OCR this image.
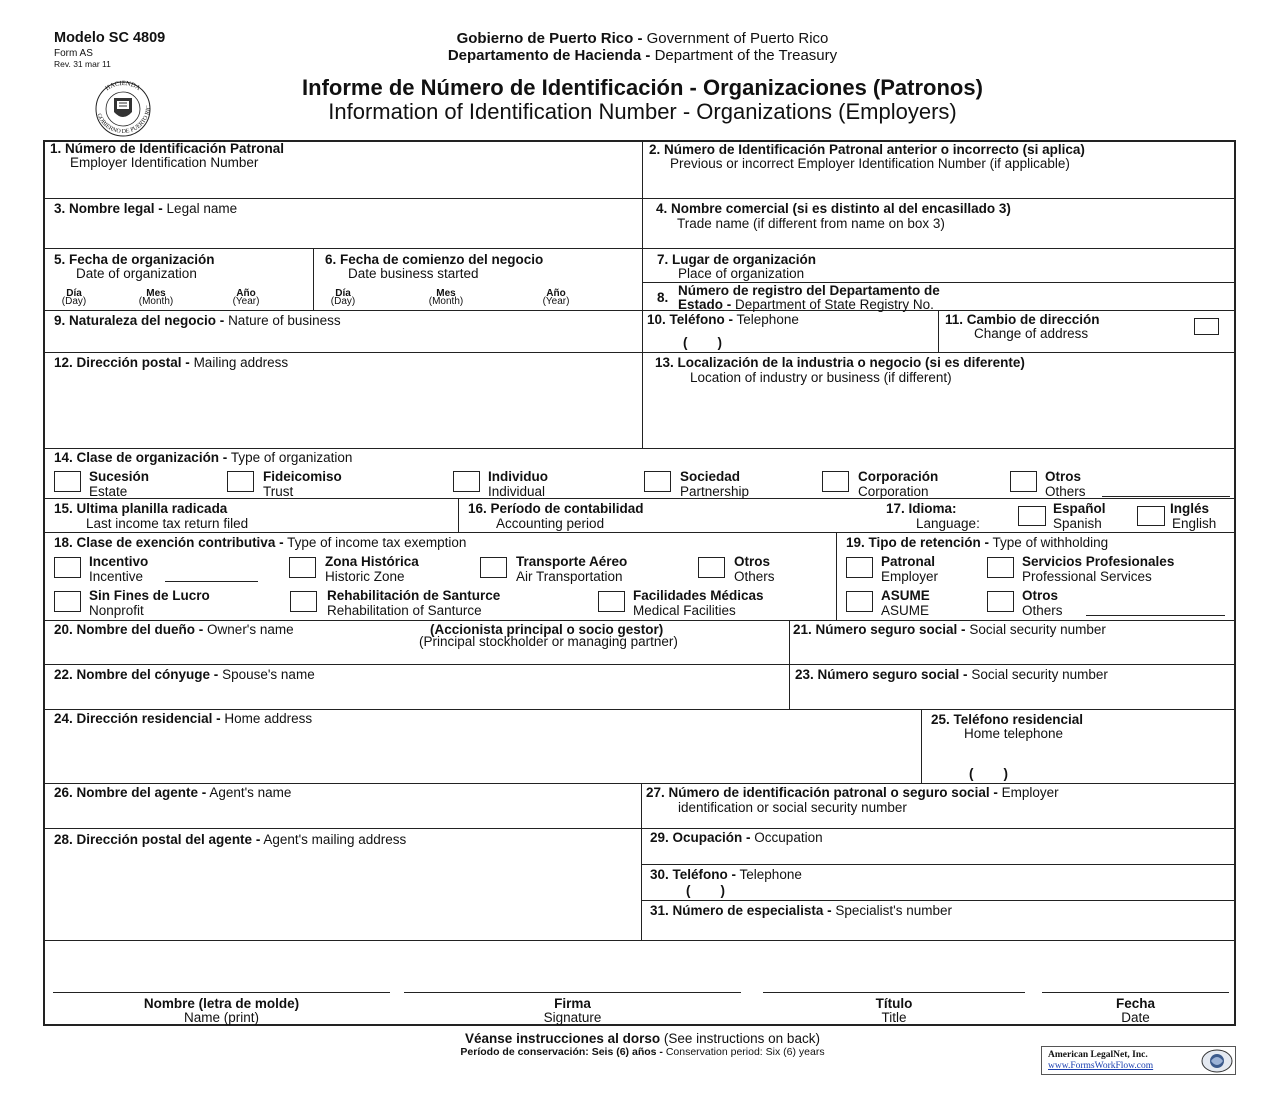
Modelo SC 4809
Form AS
Rev. 31 mar 11
Gobierno de Puerto Rico - Government of Puerto Rico
Departamento de Hacienda - Department of the Treasury
HACIENDA
GOBIERNO DE PUERTO RIC
Informe de Número de Identificación - Organizaciones (Patronos)
Information of Identification Number - Organizations (Employers)
1. Número de Identificación Patronal
Employer Identification Number
2. Número de Identificación Patronal anterior o incorrecto (si aplica)
Previous or incorrect Employer Identification Number (if applicable)
3. Nombre legal - Legal name	4. Nombre comercial (si es distinto al del encasillado 3)
Trade name (if different from name on box 3)
5. Fecha de organización
Date of organization
Día
(Day)
Mes
(Month)
Año
(Year)
6. Fecha de comienzo del negocio
Date business started
Día
(Day)
Mes
(Month)
Año
(Year)
7. Lugar de organización
Place of organization
8. Número de registro del Departamento de
Estado - Department of State Registry No.
9. Naturaleza del negocio - Nature of business	10. Teléfono - Telephone
(        )
11. Cambio de dirección
Change of address
12. Dirección postal - Mailing address	13. Localización de la industria o negocio (si es diferente)
Location of industry or business (if different)
14. Clase de organización - Type of organization
Sucesión
Estate
Fideicomiso
Trust
Individuo
Individual
Sociedad
Partnership
Corporación
Corporation
Otros
Others
15. Ultima planilla radicada
Last income tax return filed
16. Período de contabilidad
Accounting period
17. Idioma:
Language:
Español
Spanish
Inglés
English
18. Clase de exención contributiva - Type of income tax exemption
Incentivo
Incentive
Zona Histórica
Historic Zone
Transporte Aéreo
Air Transportation
Otros
Others
Sin Fines de Lucro
Nonprofit
Rehabilitación de Santurce
Rehabilitation of Santurce
Facilidades Médicas
Medical Facilities
19. Tipo de retención - Type of withholding
Patronal
Employer
Servicios Profesionales
Professional Services
ASUME
ASUME
Otros
Others
20. Nombre del dueño - Owner's name	(Accionista principal o socio gestor)
(Principal stockholder or managing partner)
21. Número seguro social - Social security number
22. Nombre del cónyuge - Spouse's name	23. Número seguro social - Social security number
24. Dirección residencial - Home address	25. Teléfono residencial
Home telephone
(        )
26. Nombre del agente - Agent's name	27. Número de identificación patronal o seguro social - Employer
identification or social security number
28. Dirección postal del agente - Agent's mailing address	29. Ocupación - Occupation
30. Teléfono - Telephone
(        )
31. Número de especialista - Specialist's number
Nombre (letra de molde)
Name (print)
Firma
Signature
Título
Title
Fecha
Date
Véanse instrucciones al dorso (See instructions on back)
Período de conservación: Seis (6) años - Conservation period: Six (6) years	American LegalNet, Inc.
www.FormsWorkFlow.com
